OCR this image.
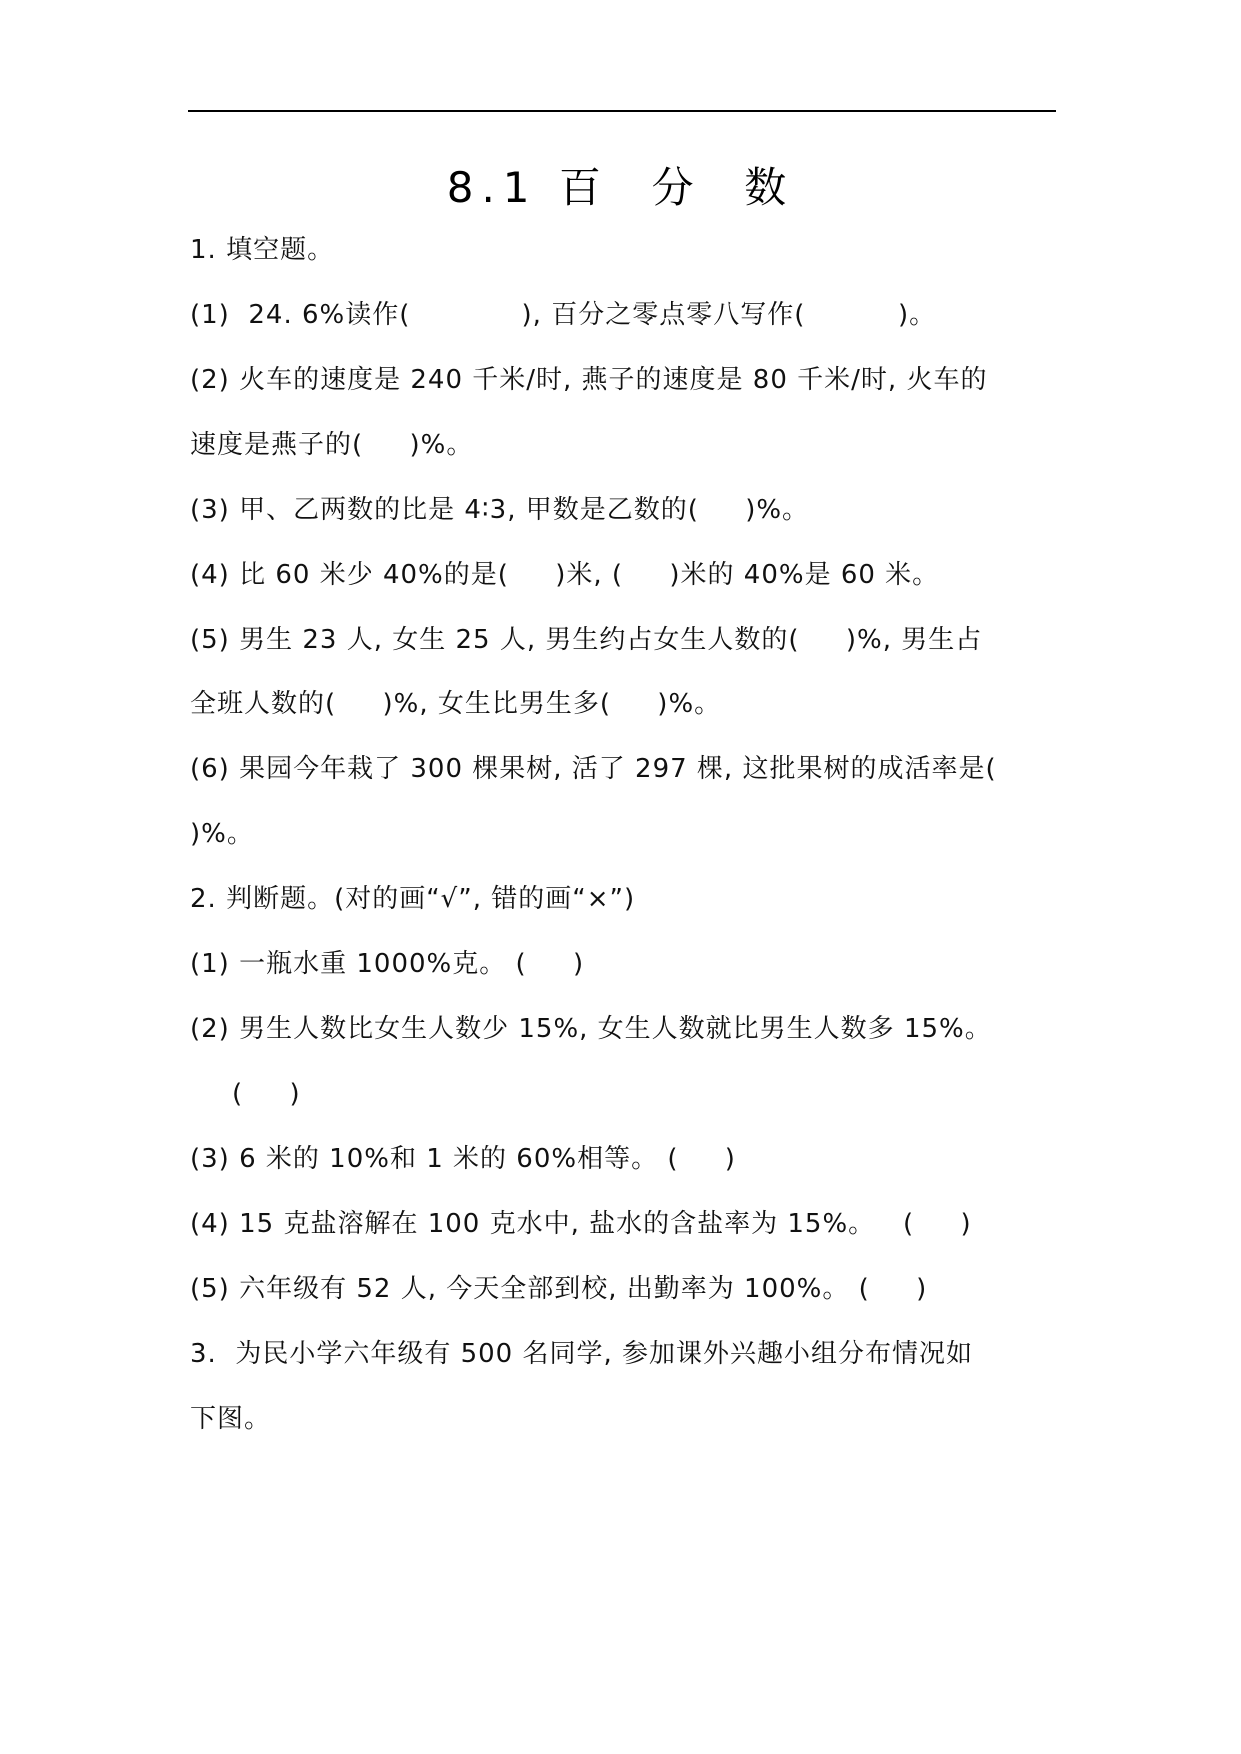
8.1 百  分  数
1. 填空题。
(1)  24. 6%读作(            ), 百分之零点零八写作(          )。
(2) 火车的速度是 240 千米/时, 燕子的速度是 80 千米/时, 火车的
速度是燕子的(     )%。
(3) 甲、乙两数的比是 4∶3, 甲数是乙数的(     )%。
(4) 比 60 米少 40%的是(     )米, (     )米的 40%是 60 米。
(5) 男生 23 人, 女生 25 人, 男生约占女生人数的(     )%, 男生占
全班人数的(     )%, 女生比男生多(     )%。
(6) 果园今年栽了 300 棵果树, 活了 297 棵, 这批果树的成活率是(
)%。
2. 判断题。(对的画“√”, 错的画“×”)
(1) 一瓶水重 1000%克。 (     )
(2) 男生人数比女生人数少 15%, 女生人数就比男生人数多 15%。
(     )
(3) 6 米的 10%和 1 米的 60%相等。 (     )
(4) 15 克盐溶解在 100 克水中, 盐水的含盐率为 15%。   (     )
(5) 六年级有 52 人, 今天全部到校, 出勤率为 100%。 (     )
3.  为民小学六年级有 500 名同学, 参加课外兴趣小组分布情况如
下图。
